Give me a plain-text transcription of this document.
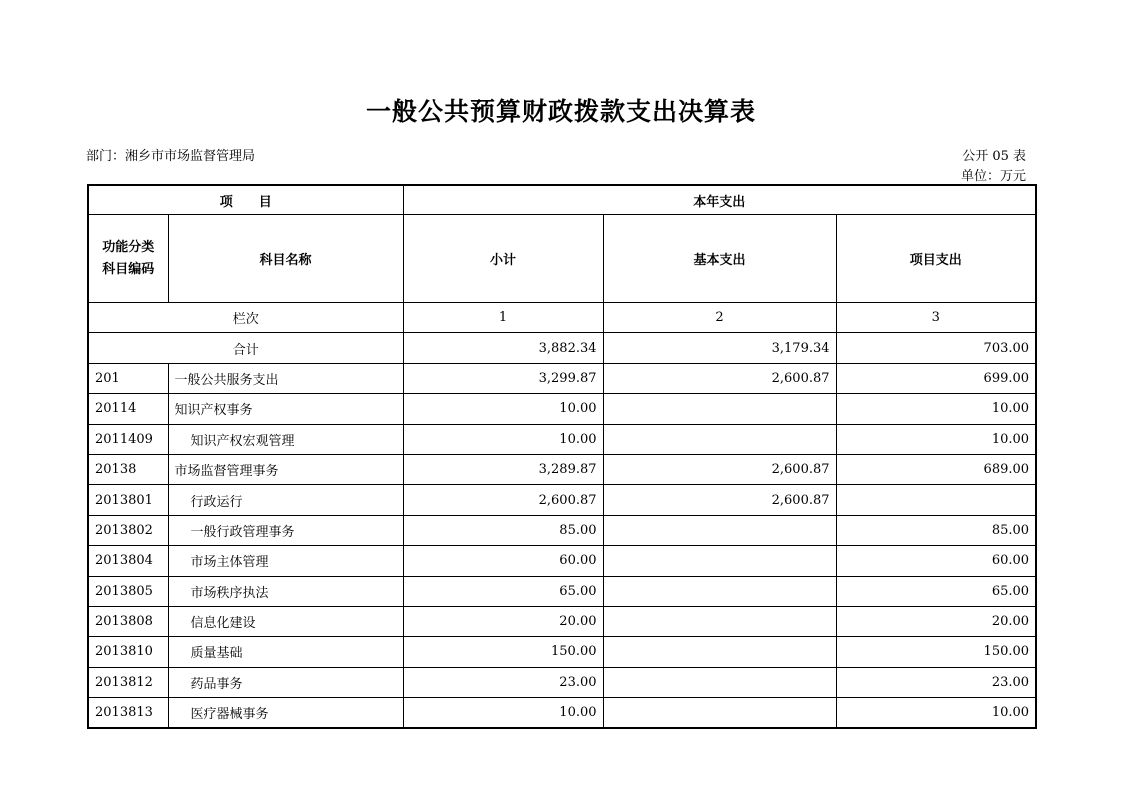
一般公共预算财政拨款支出决算表
部门：湘乡市市场监督管理局	公开 05 表
单位：万元
项　　目		本年支出		

功能分类
科目编码	科目名称	小计	基本支出	项目支出
栏次		1	2	3
合计		3,882.34	3,179.34	703.00
201	一般公共服务支出	3,299.87	2,600.87	699.00
20114	知识产权事务	10.00		10.00
2011409	知识产权宏观管理	10.00		10.00
20138	市场监督管理事务	3,289.87	2,600.87	689.00
2013801	行政运行	2,600.87	2,600.87	
2013802	一般行政管理事务	85.00		85.00
2013804	市场主体管理	60.00		60.00
2013805	市场秩序执法	65.00		65.00
2013808	信息化建设	20.00		20.00
2013810	质量基础	150.00		150.00
2013812	药品事务	23.00		23.00
2013813	医疗器械事务	10.00		10.00
